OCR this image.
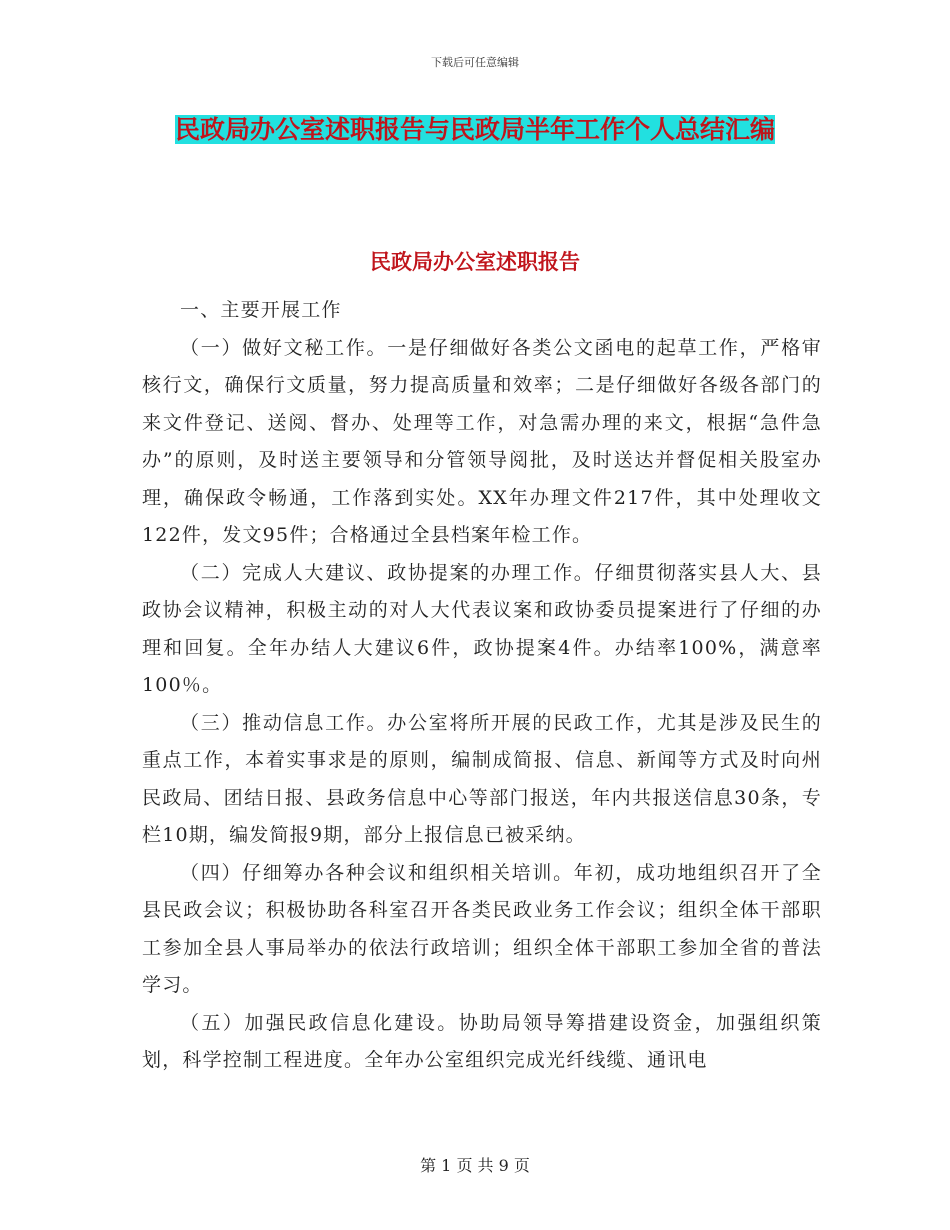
下载后可任意编辑
民政局办公室述职报告与民政局半年工作个人总结汇编
民政局办公室述职报告

一、主要开展工作

（一）做好文秘工作。一是仔细做好各类公文函电的起草工作，严格审核行文，确保行文质量，努力提高质量和效率；二是仔细做好各级各部门的来文件登记、送阅、督办、处理等工作，对急需办理的来文，根据“急件急办”的原则，及时送主要领导和分管领导阅批，及时送达并督促相关股室办理，确保政令畅通，工作落到实处。XX年办理文件217件，其中处理收文122件，发文95件；合格通过全县档案年检工作。

（二）完成人大建议、政协提案的办理工作。仔细贯彻落实县人大、县政协会议精神，积极主动的对人大代表议案和政协委员提案进行了仔细的办理和回复。全年办结人大建议6件，政协提案4件。办结率100%，满意率100％。

（三）推动信息工作。办公室将所开展的民政工作，尤其是涉及民生的重点工作，本着实事求是的原则，编制成简报、信息、新闻等方式及时向州民政局、团结日报、县政务信息中心等部门报送，年内共报送信息30条，专栏10期，编发简报9期，部分上报信息已被采纳。

（四）仔细筹办各种会议和组织相关培训。年初，成功地组织召开了全县民政会议；积极协助各科室召开各类民政业务工作会议；组织全体干部职工参加全县人事局举办的依法行政培训；组织全体干部职工参加全省的普法学习。

（五）加强民政信息化建设。协助局领导筹措建设资金，加强组织策划，科学控制工程进度。全年办公室组织完成光纤线缆、通讯电

第 1 页 共 9 页
